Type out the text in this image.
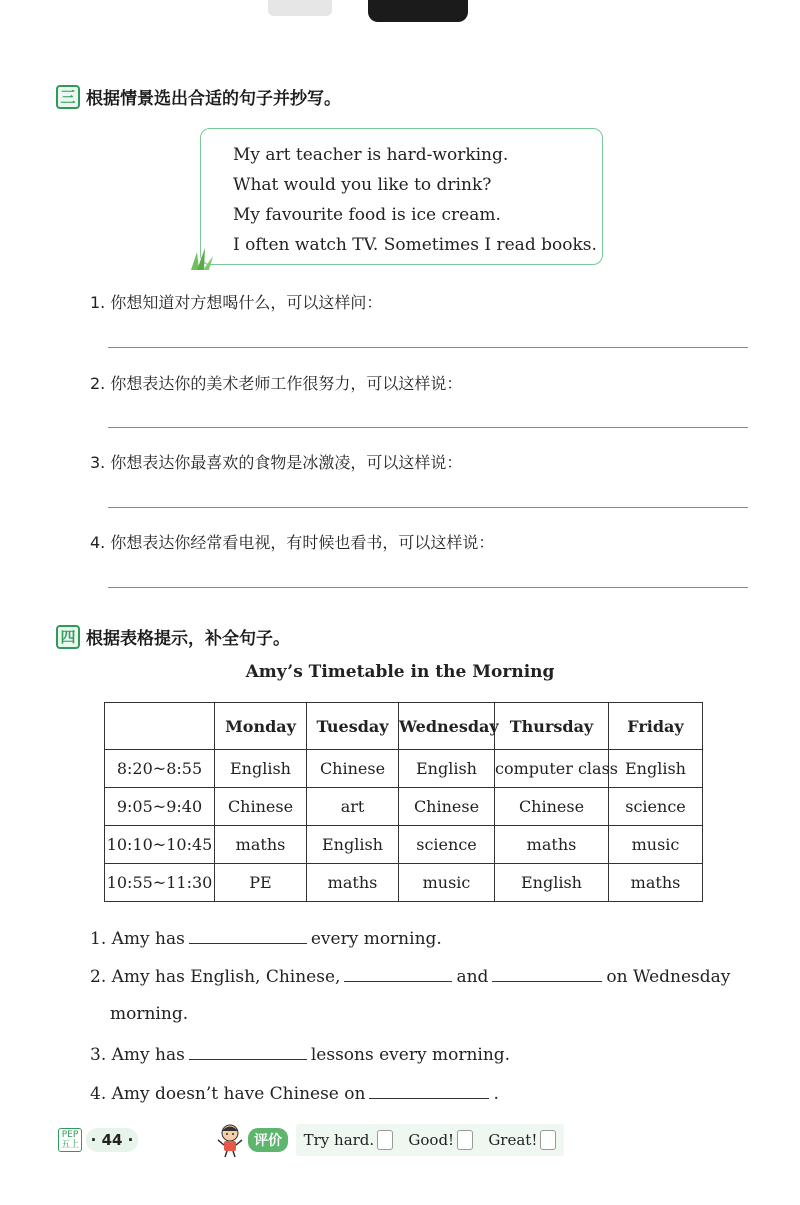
三 根据情景选出合适的句子并抄写。

My art teacher is hard-working.

What would you like to drink?

My favourite food is ice cream.

I often watch TV. Sometimes I read books.

1. 你想知道对方想喝什么，可以这样问：
2. 你想表达你的美术老师工作很努力，可以这样说：
3. 你想表达你最喜欢的食物是冰激凌，可以这样说：
4. 你想表达你经常看电视，有时候也看书，可以这样说：
四 根据表格提示，补全句子。
Amy’s Timetable in the Morning
	Monday	Tuesday	Wednesday	Thursday	Friday
8:20~8:55	English	Chinese	English	computer class	English
9:05~9:40	Chinese	art	Chinese	Chinese	science
10:10~10:45	maths	English	science	maths	music
10:55~11:30	PE	maths	music	English	maths
1. Amy has	every morning.
2. Amy has English, Chinese,	and	on Wednesday
morning.
3. Amy has	lessons every morning.
4. Amy doesn’t have Chinese on	.
PEP
五上 · 44 ·	评价	Try hard. Good! Great!
